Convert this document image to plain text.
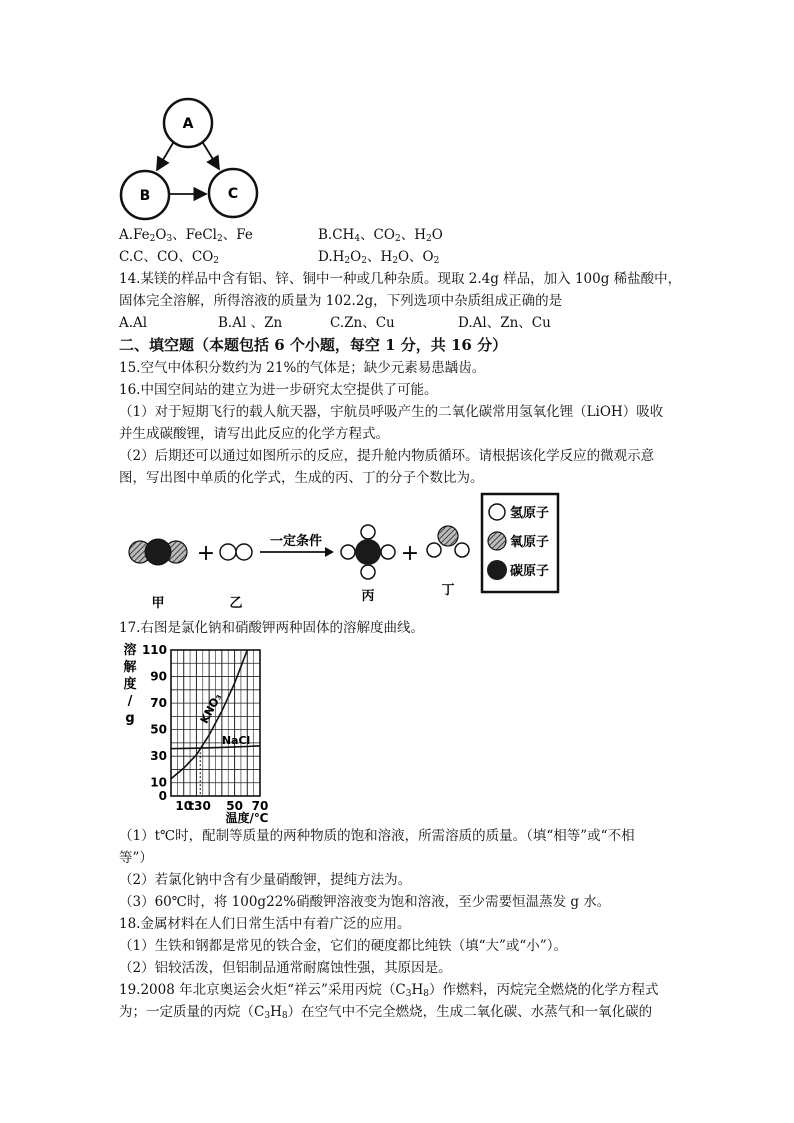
A
B	C
$A.Fe_2O_3$、FeCl$_2$、Fe	$B.CH_4$、$CO_2$、$H_2O$
C.C、CO、$CO_2$	$D.H_2O_2$、$H_2O$、$O_2$
14.某镁的样品中含有铝、锌、铜中一种或几种杂质。现取 2.4g 样品，加入 100g 稀盐酸中，
固体完全溶解，所得溶液的质量为 102.2g，下列选项中杂质组成正确的是
A.Al	B.Al 、Zn	C.Zn、Cu	D.Al、Zn、Cu
二、填空题（本题包括 6 个小题，每空 1 分，共 16 分）
15.空气中体积分数约为 21%的气体是；缺少元素易患龋齿。
16.中国空间站的建立为进一步研究太空提供了可能。
（1）对于短期飞行的载人航天器，宇航员呼吸产生的二氧化碳常用氢氧化锂（LiOH）吸收
并生成碳酸锂，请写出此反应的化学方程式。
（2）后期还可以通过如图所示的反应，提升舱内物质循环。请根据该化学反应的微观示意
图，写出图中单质的化学式，生成的丙、丁的分子个数比为。
+	一定条件	+
氢原子
氧原子
碳原子
甲	乙	丙	丁
17.右图是氯化钠和硝酸钾两种固体的溶解度曲线。
110
90
70
50
30
10
0
10
t30 50 70
溶解度/ g
温度/℃
KNO₃
NaCl
（1）t℃时，配制等质量的两种物质的饱和溶液，所需溶质的质量。（填“相等”或“不相
等”）
（2）若氯化钠中含有少量硝酸钾，提纯方法为。
（3）60℃时，将 100g22%硝酸钾溶液变为饱和溶液，至少需要恒温蒸发 g 水。
18.金属材料在人们日常生活中有着广泛的应用。
（1）生铁和钢都是常见的铁合金，它们的硬度都比纯铁（填“大”或“小”）。
（2）铝较活泼，但铝制品通常耐腐蚀性强，其原因是。
19.2008 年北京奥运会火炬“祥云”采用丙烷$(C_3H_8)$作燃料，丙烷完全燃烧的化学方程式
为；一定质量的丙烷$(C_3H_8)$在空气中不完全燃烧，生成二氧化碳、水蒸气和一氧化碳的
